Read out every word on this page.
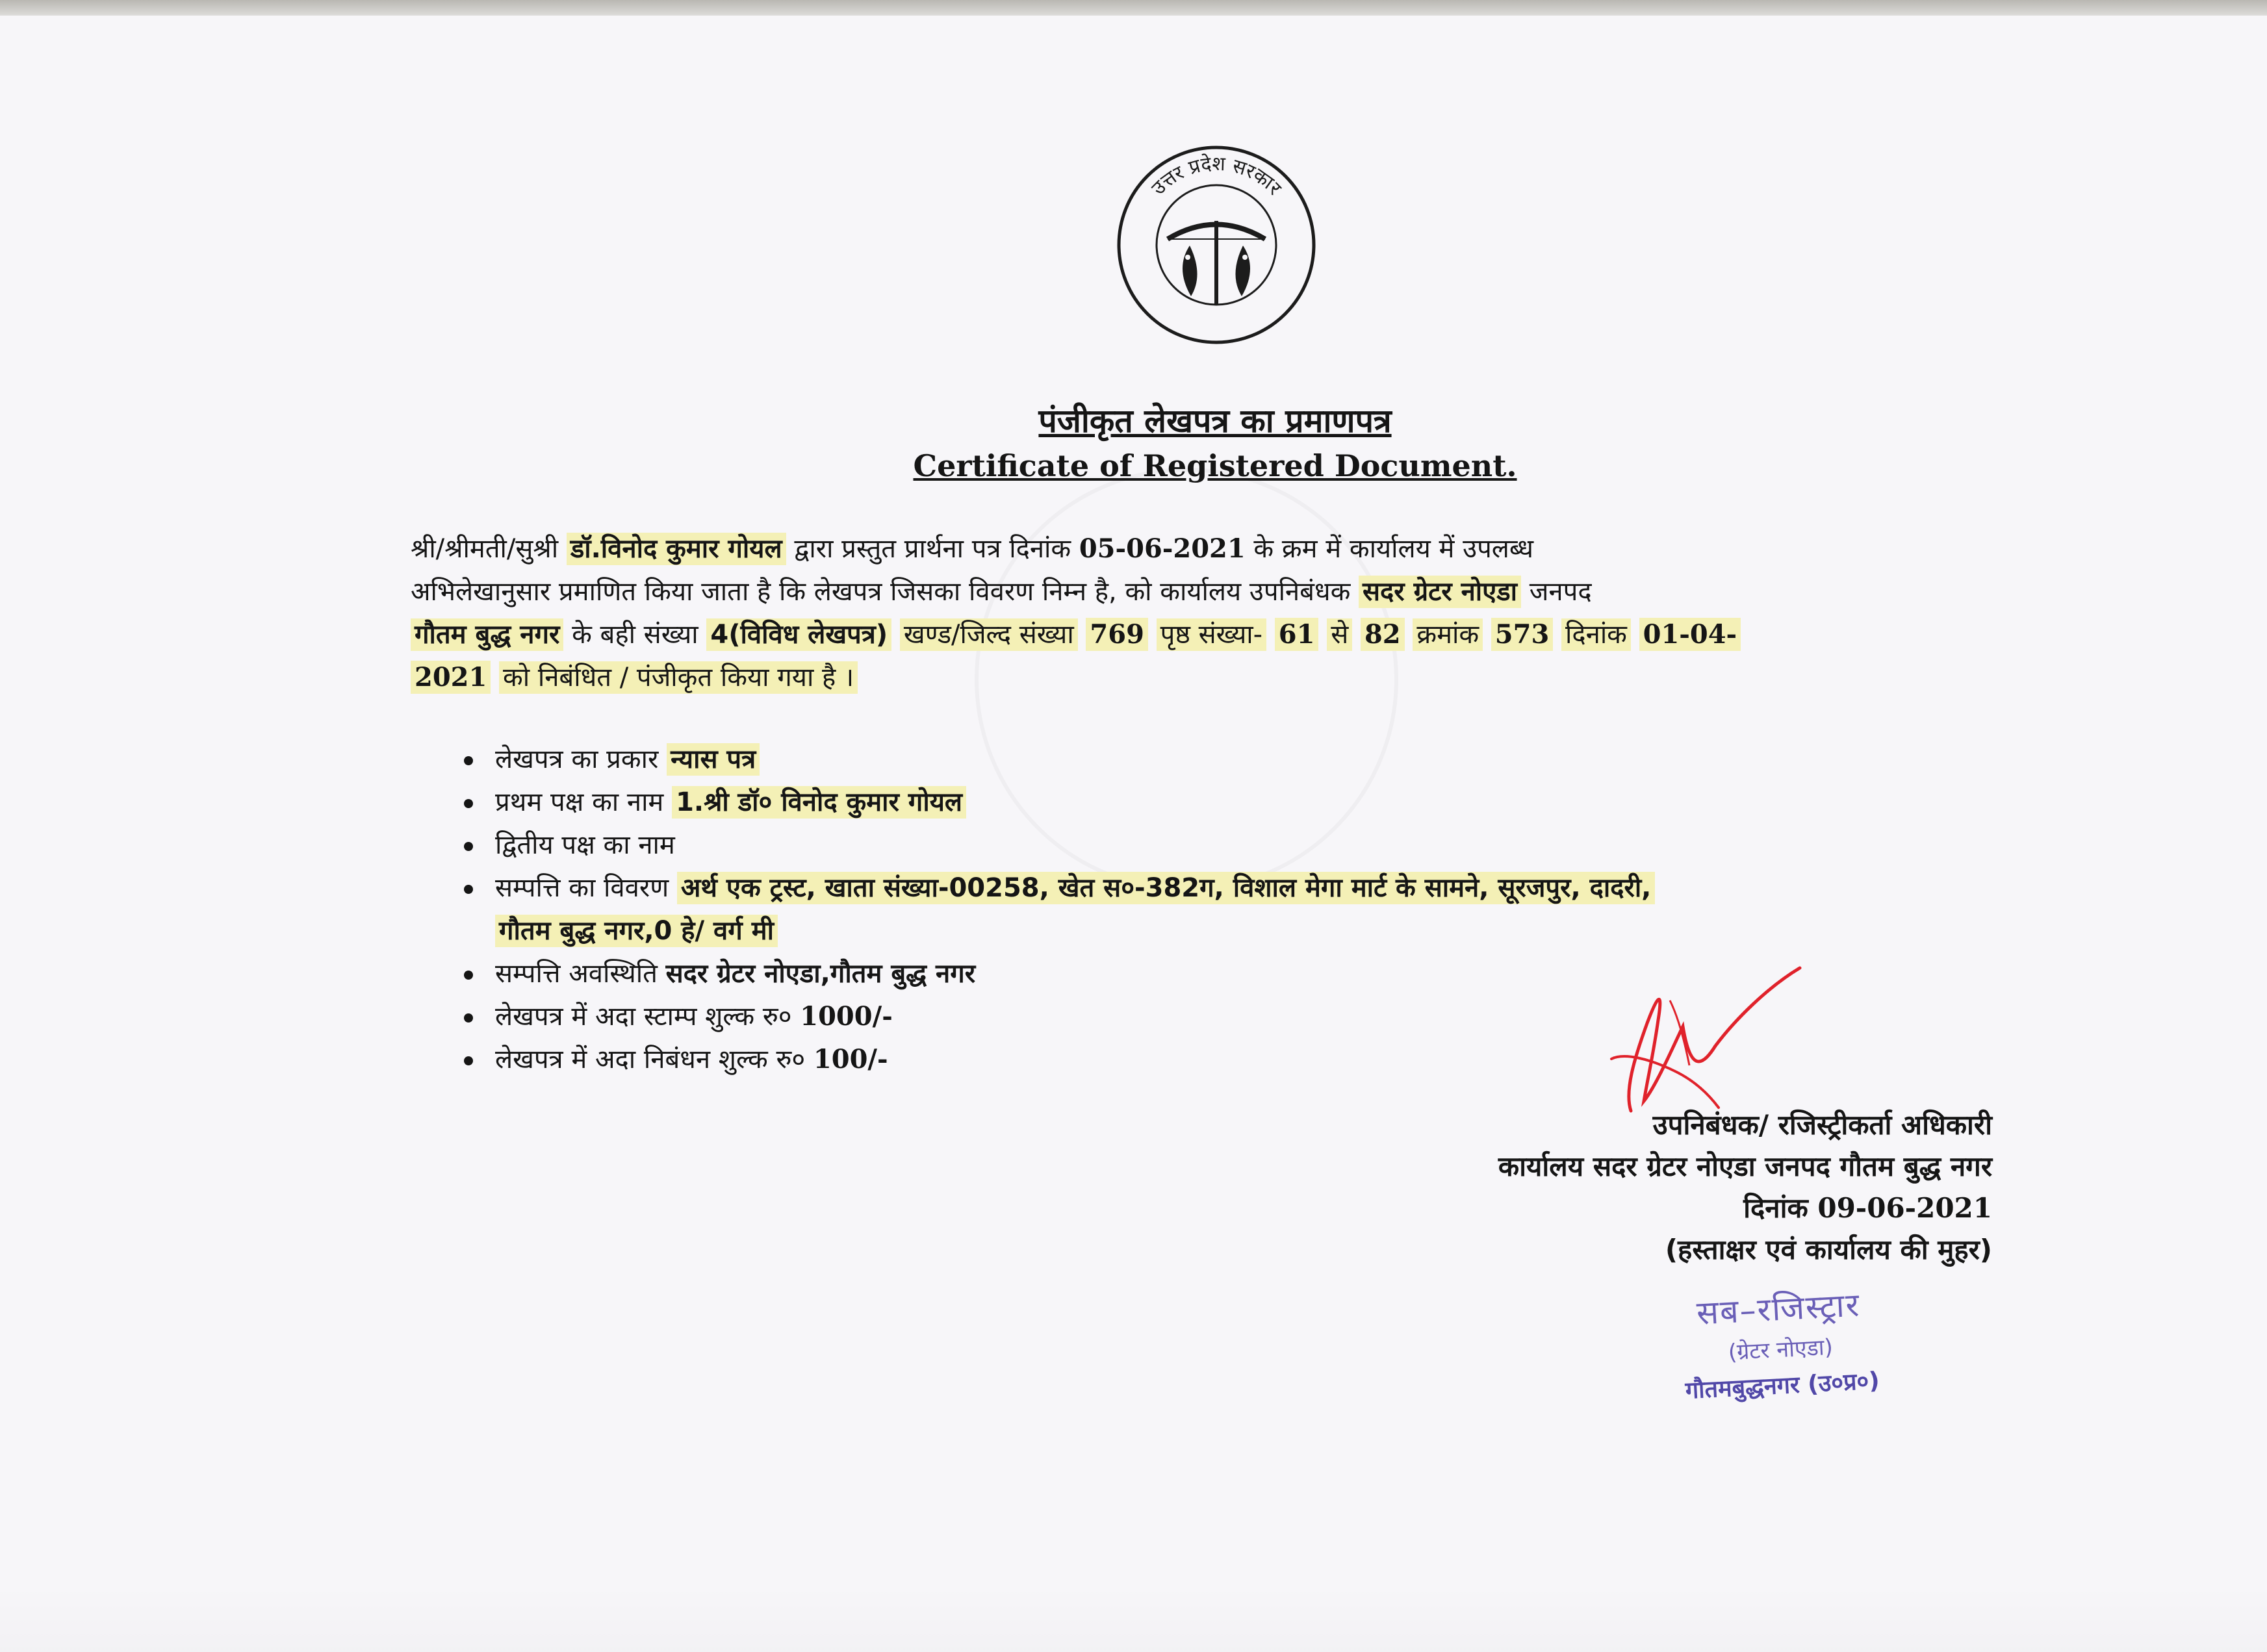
उत्तर प्रदेश सरकार
पंजीकृत लेखपत्र का प्रमाणपत्र
Certificate of Registered Document.

श्री/श्रीमती/सुश्री डॉ.विनोद कुमार गोयल द्वारा प्रस्तुत प्रार्थना पत्र दिनांक 05-06-2021 के क्रम में कार्यालय में उपलब्ध
अभिलेखानुसार प्रमाणित किया जाता है कि लेखपत्र जिसका विवरण निम्न है, को कार्यालय उपनिबंधक सदर ग्रेटर नोएडा जनपद
गौतम बुद्ध नगर के बही संख्या 4(विविध लेखपत्र) खण्ड/जिल्द संख्या 769 पृष्ठ संख्या- 61 से 82 क्रमांक 573 दिनांक 01-04-
2021 को निबंधित / पंजीकृत किया गया है ।

लेखपत्र का प्रकार न्यास पत्र
प्रथम पक्ष का नाम 1.श्री डॉ० विनोद कुमार गोयल
द्वितीय पक्ष का नाम
सम्पत्ति का विवरण अर्थ एक ट्रस्ट, खाता संख्या-00258, खेत स०-382ग, विशाल मेगा मार्ट के सामने, सूरजपुर, दादरी,
गौतम बुद्ध नगर,0 हे/ वर्ग मी
सम्पत्ति अवस्थिति सदर ग्रेटर नोएडा,गौतम बुद्ध नगर
लेखपत्र में अदा स्टाम्प शुल्क रु० 1000/-
लेखपत्र में अदा निबंधन शुल्क रु० 100/-
उपनिबंधक/ रजिस्ट्रीकर्ता अधिकारी
कार्यालय सदर ग्रेटर नोएडा जनपद गौतम बुद्ध नगर
दिनांक 09-06-2021
(हस्ताक्षर एवं कार्यालय की मुहर)
सब–रजिस्ट्रार
(ग्रेटर नोएडा)
गौतमबुद्धनगर (उ०प्र०)
